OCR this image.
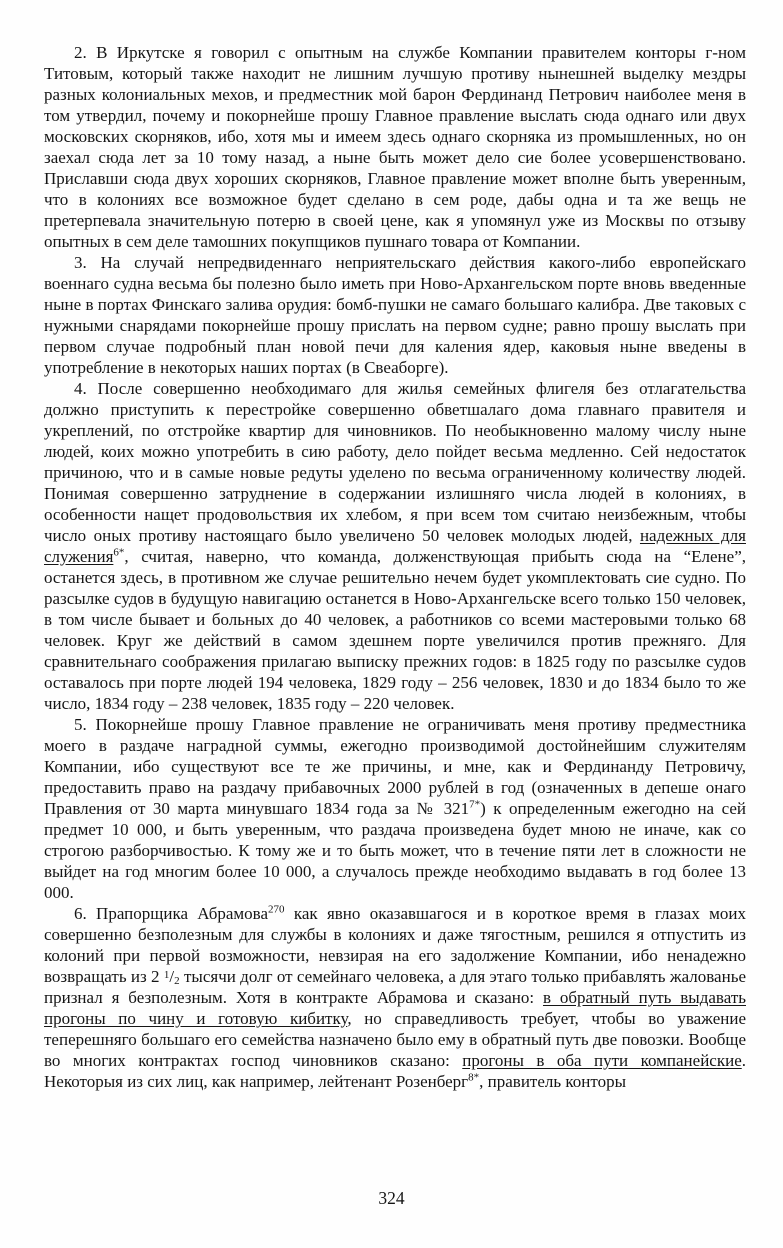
2. В Иркутске я говорил с опытным на службе Компании правителем конторы г-ном Титовым, который также находит не лишним лучшую противу нынешней выделку мездры разных колониальных мехов, и предместник мой барон Фердинанд Петрович наиболее меня в том утвердил, почему и покорнейше прошу Главное правление выслать сюда однаго или двух московских скорняков, ибо, хотя мы и имеем здесь однаго скорняка из промышленных, но он заехал сюда лет за 10 тому назад, а ныне быть может дело сие более усовершенствовано. Приславши сюда двух хороших скорняков, Главное правление может вполне быть уверенным, что в колониях все возможное будет сделано в сем роде, дабы одна и та же вещь не претерпевала значительную потерю в своей цене, как я упомянул уже из Москвы по отзыву опытных в сем деле тамошних покупщиков пушнаго товара от Компании.

3. На случай непредвиденнаго неприятельскаго действия какого-либо европейскаго военнаго судна весьма бы полезно было иметь при Ново-Архангельском порте вновь введенные ныне в портах Финскаго залива орудия: бомб-пушки не самаго большаго калибра. Две таковых с нужными снарядами покорнейше прошу прислать на первом судне; равно прошу выслать при первом случае подробный план новой печи для каления ядер, каковыя ныне введены в употребление в некоторых наших портах (в Свеаборге).

4. После совершенно необходимаго для жилья семейных флигеля без отлагательства должно приступить к перестройке совершенно обветшалаго дома главнаго правителя и укреплений, по отстройке квартир для чиновников. По необыкновенно малому числу ныне людей, коих можно употребить в сию работу, дело пойдет весьма медленно. Сей недостаток причиною, что и в самые новые редуты уделено по весьма ограниченному количеству людей. Понимая совершенно затруднение в содержании излишняго числа людей в колониях, в особенности нащет продовольствия их хлебом, я при всем том считаю неизбежным, чтобы число оных противу настоящаго было увеличено 50 человек молодых людей, надежных для служения$^{6*}$, считая, наверно, что команда, долженствующая прибыть сюда на “Елене”, останется здесь, в противном же случае решительно нечем будет укомплектовать сие судно. По разсылке судов в будущую навигацию останется в Ново-Архангельске всего только 150 человек, в том числе бывает и больных до 40 человек, а работников со всеми мастеровыми только 68 человек. Круг же действий в самом здешнем порте увеличился против прежняго. Для сравнительнаго соображения прилагаю выписку прежних годов: в 1825 году по разсылке судов оставалось при порте людей 194 человека, 1829 году – 256 человек, 1830 и до 1834 было то же число, 1834 году – 238 человек, 1835 году – 220 человек.

5. Покорнейше прошу Главное правление не ограничивать меня противу предместника моего в раздаче наградной суммы, ежегодно производимой достойнейшим служителям Компании, ибо существуют все те же причины, и мне, как и Фердинанду Петровичу, предоставить право на раздачу прибавочных 2000 рублей в год (означенных в депеше онаго Правления от 30 марта минувшаго 1834 года за № 321$^{7*}$) к определенным ежегодно на сей предмет 10 000, и быть уверенным, что раздача произведена будет мною не иначе, как со строгою разборчивостью. К тому же и то быть может, что в течение пяти лет в сложности не выйдет на год многим более 10 000, а случалось прежде необходимо выдавать в год более 13 000.

6. Прапорщика Абрамова$^{270}$ как явно оказавшагося и в короткое время в глазах моих совершенно безполезным для службы в колониях и даже тягостным, решился я отпустить из колоний при первой возможности, невзирая на его задолжение Компании, ибо ненадежно возвращать из 2 $^1/_2$ тысячи долг от семейнаго человека, а для этаго только прибавлять жалованье признал я безполезным. Хотя в контракте Абрамова и сказано: в обратный путь выдавать прогоны по чину и готовую кибитку, но справедливость требует, чтобы во уважение теперешняго большаго его семейства назначено было ему в обратный путь две повозки. Вообще во многих контрактах господ чиновников сказано: прогоны в оба пути компанейские. Некоторыя из сих лиц, как например, лейтенант Розенберг$^{8*}$, правитель конторы

324
